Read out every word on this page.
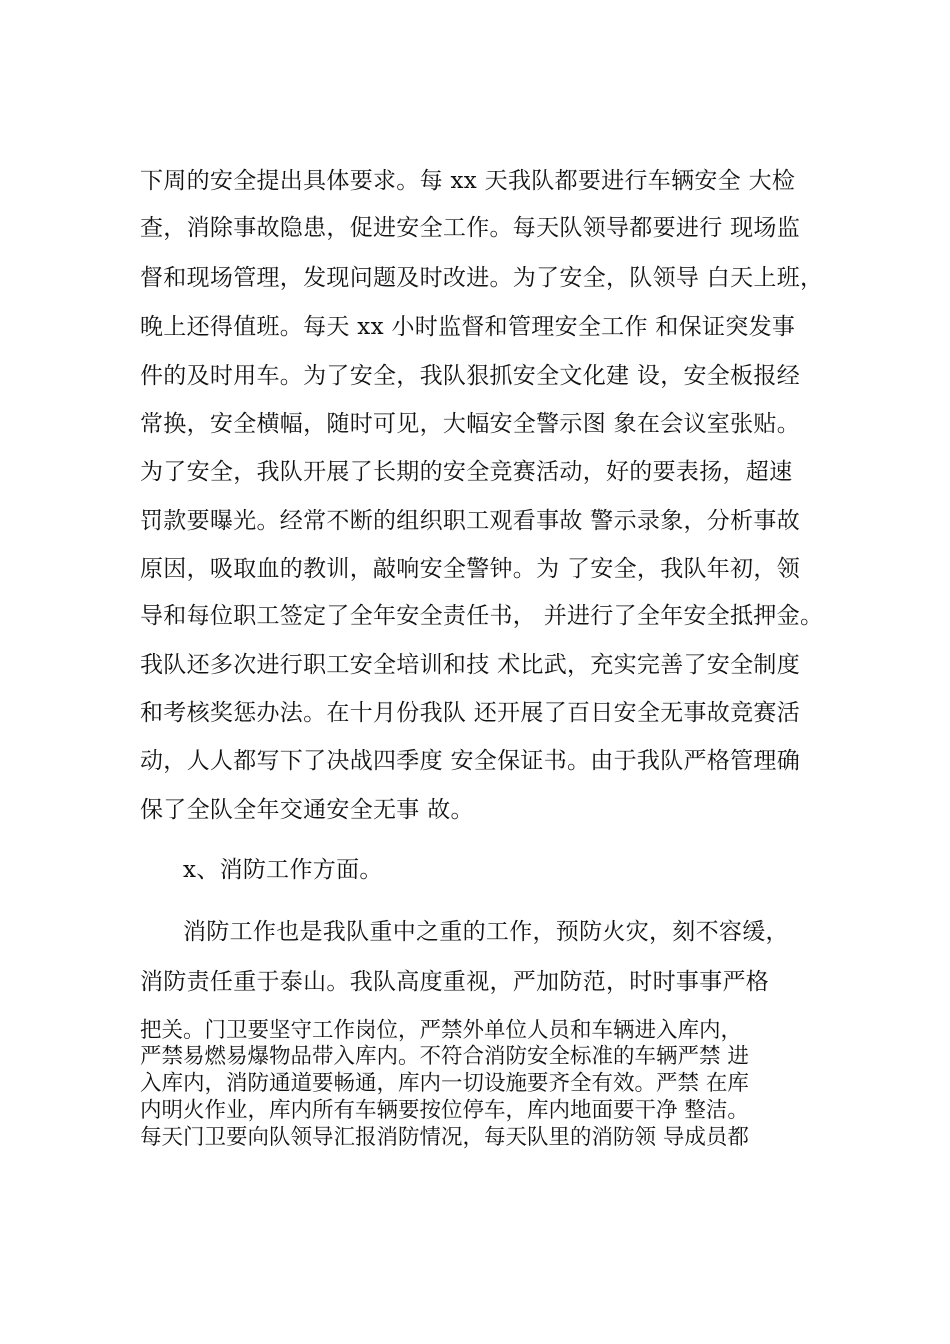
下周的安全提出具体要求。每 xx 天我队都要进行车辆安全 大检
查，消除事故隐患，促进安全工作。每天队领导都要进行 现场监
督和现场管理，发现问题及时改进。为了安全，队领导 白天上班，
晚上还得值班。每天 xx 小时监督和管理安全工作 和保证突发事
件的及时用车。为了安全，我队狠抓安全文化建 设，安全板报经
常换，安全横幅，随时可见，大幅安全警示图 象在会议室张贴。
为了安全，我队开展了长期的安全竞赛活动，好的要表扬，超速
罚款要曝光。经常不断的组织职工观看事故 警示录象，分析事故
原因，吸取血的教训，敲响安全警钟。为 了安全，我队年初，领
导和每位职工签定了全年安全责任书， 并进行了全年安全抵押金。
我队还多次进行职工安全培训和技 术比武，充实完善了安全制度
和考核奖惩办法。在十月份我队 还开展了百日安全无事故竞赛活
动，人人都写下了决战四季度 安全保证书。由于我队严格管理确
保了全队全年交通安全无事 故。
x、消防工作方面。
消防工作也是我队重中之重的工作，预防火灾，刻不容缓，
消防责任重于泰山。我队高度重视，严加防范，时时事事严格
把关。门卫要坚守工作岗位，严禁外单位人员和车辆进入库内，
严禁易燃易爆物品带入库内。不符合消防安全标准的车辆严禁 进
入库内，消防通道要畅通，库内一切设施要齐全有效。严禁 在库
内明火作业，库内所有车辆要按位停车，库内地面要干净 整洁。
每天门卫要向队领导汇报消防情况，每天队里的消防领 导成员都
